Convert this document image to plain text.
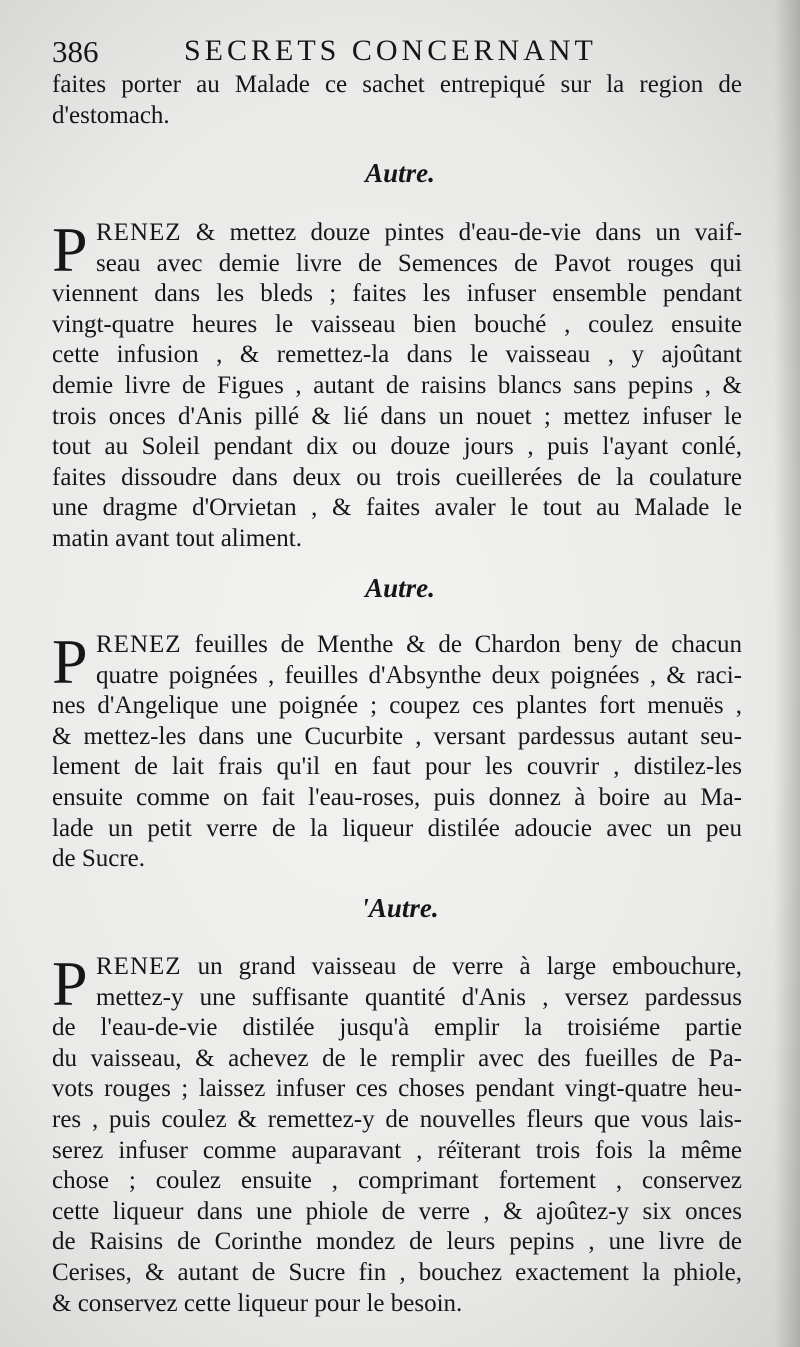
386	SECRETS CONCERNANT
faites porter au Malade ce sachet entrepiqué sur la region de
d'estomach.
Autre.
P RENEZ & mettez douze pintes d'eau-de-vie dans un vaif-
seau avec demie livre de Semences de Pavot rouges qui
viennent dans les bleds ; faites les infuser ensemble pendant
vingt-quatre heures le vaisseau bien bouché , coulez ensuite
cette infusion , & remettez-la dans le vaisseau , y ajoûtant
demie livre de Figues , autant de raisins blancs sans pepins , &
trois onces d'Anis pillé & lié dans un nouet ; mettez infuser le
tout au Soleil pendant dix ou douze jours , puis l'ayant conlé,
faites dissoudre dans deux ou trois cueillerées de la coulature
une dragme d'Orvietan , & faites avaler le tout au Malade le
matin avant tout aliment.
Autre.
P RENEZ feuilles de Menthe & de Chardon beny de chacun
quatre poignées , feuilles d'Absynthe deux poignées , & raci-
nes d'Angelique une poignée ; coupez ces plantes fort menuës ,
& mettez-les dans une Cucurbite , versant pardessus autant seu-
lement de lait frais qu'il en faut pour les couvrir , distilez-les
ensuite comme on fait l'eau-roses, puis donnez à boire au Ma-
lade un petit verre de la liqueur distilée adoucie avec un peu
de Sucre.
'Autre.
P RENEZ un grand vaisseau de verre à large embouchure,
mettez-y une suffisante quantité d'Anis , versez pardessus
de l'eau-de-vie distilée jusqu'à emplir la troisiéme partie
du vaisseau, & achevez de le remplir avec des fueilles de Pa-
vots rouges ; laissez infuser ces choses pendant vingt-quatre heu-
res , puis coulez & remettez-y de nouvelles fleurs que vous lais-
serez infuser comme auparavant , réïterant trois fois la même
chose ; coulez ensuite , comprimant fortement , conservez
cette liqueur dans une phiole de verre , & ajoûtez-y six onces
de Raisins de Corinthe mondez de leurs pepins , une livre de
Cerises, & autant de Sucre fin , bouchez exactement la phiole,
& conservez cette liqueur pour le besoin.
